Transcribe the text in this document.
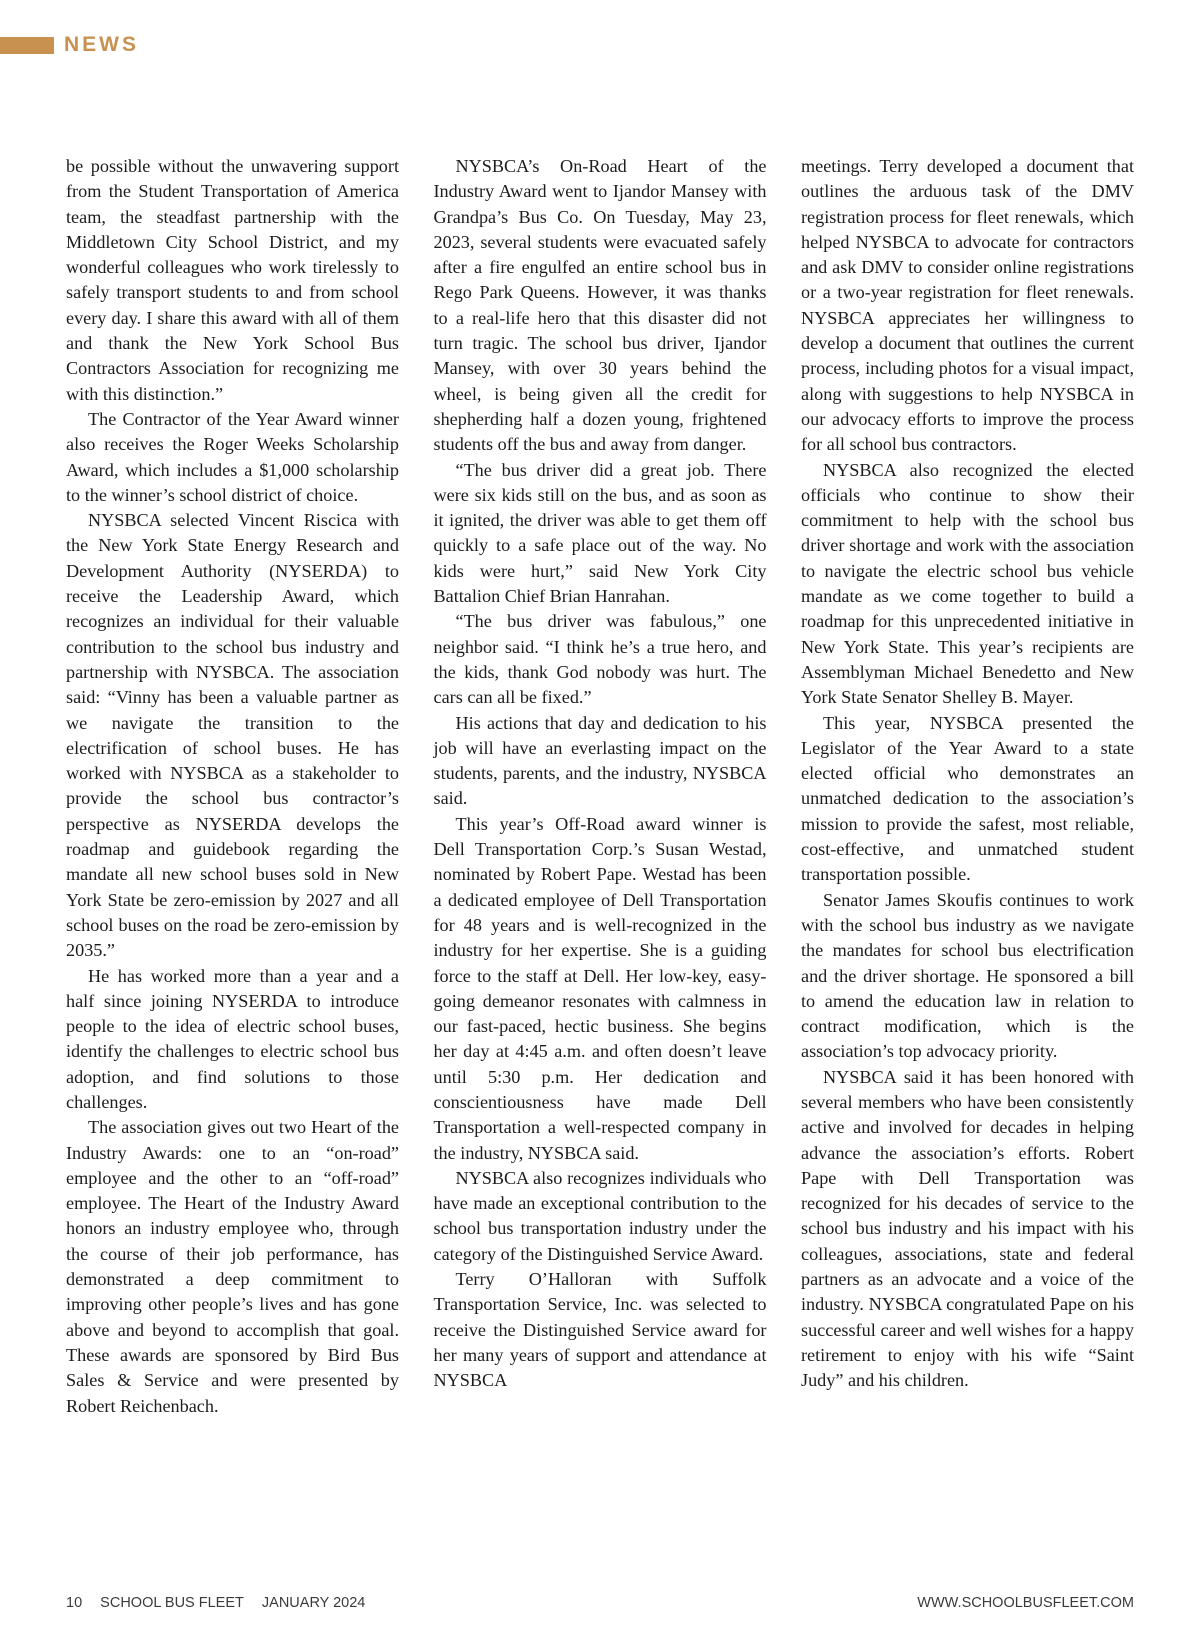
NEWS

be possible without the unwavering support from the Student Transportation of America team, the steadfast partnership with the Middletown City School District, and my wonderful colleagues who work tirelessly to safely transport students to and from school every day. I share this award with all of them and thank the New York School Bus Contractors Association for recognizing me with this distinction.”

The Contractor of the Year Award winner also receives the Roger Weeks Scholarship Award, which includes a $1,000 scholarship to the winner’s school district of choice.

NYSBCA selected Vincent Riscica with the New York State Energy Research and Development Authority (NYSERDA) to receive the Leadership Award, which recognizes an individual for their valuable contribution to the school bus industry and partnership with NYSBCA. The association said: “Vinny has been a valuable partner as we navigate the transition to the electrification of school buses. He has worked with NYSBCA as a stakeholder to provide the school bus contractor’s perspective as NYSERDA develops the roadmap and guidebook regarding the mandate all new school buses sold in New York State be zero-emission by 2027 and all school buses on the road be zero-emission by 2035.”

He has worked more than a year and a half since joining NYSERDA to introduce people to the idea of electric school buses, identify the challenges to electric school bus adoption, and find solutions to those challenges.

The association gives out two Heart of the Industry Awards: one to an “on-road” employee and the other to an “off-road” employee. The Heart of the Industry Award honors an industry employee who, through the course of their job performance, has demonstrated a deep commitment to improving other people’s lives and has gone above and beyond to accomplish that goal. These awards are sponsored by Bird Bus Sales & Service and were presented by Robert Reichenbach.

NYSBCA’s On-Road Heart of the Industry Award went to Ijandor Mansey with Grandpa’s Bus Co. On Tuesday, May 23, 2023, several students were evacuated safely after a fire engulfed an entire school bus in Rego Park Queens. However, it was thanks to a real-life hero that this disaster did not turn tragic. The school bus driver, Ijandor Mansey, with over 30 years behind the wheel, is being given all the credit for shepherding half a dozen young, frightened students off the bus and away from danger.

“The bus driver did a great job. There were six kids still on the bus, and as soon as it ignited, the driver was able to get them off quickly to a safe place out of the way. No kids were hurt,” said New York City Battalion Chief Brian Hanrahan.

“The bus driver was fabulous,” one neighbor said. “I think he’s a true hero, and the kids, thank God nobody was hurt. The cars can all be fixed.”

His actions that day and dedication to his job will have an everlasting impact on the students, parents, and the industry, NYSBCA said.

This year’s Off-Road award winner is Dell Transportation Corp.’s Susan Westad, nominated by Robert Pape. Westad has been a dedicated employee of Dell Transportation for 48 years and is well-recognized in the industry for her expertise. She is a guiding force to the staff at Dell. Her low-key, easy-going demeanor resonates with calmness in our fast-paced, hectic business. She begins her day at 4:45 a.m. and often doesn’t leave until 5:30 p.m. Her dedication and conscientiousness have made Dell Transportation a well-respected company in the industry, NYSBCA said.

NYSBCA also recognizes individuals who have made an exceptional contribution to the school bus transportation industry under the category of the Distinguished Service Award.

Terry O’Halloran with Suffolk Transportation Service, Inc. was selected to receive the Distinguished Service award for her many years of support and attendance at NYSBCA

meetings. Terry developed a document that outlines the arduous task of the DMV registration process for fleet renewals, which helped NYSBCA to advocate for contractors and ask DMV to consider online registrations or a two-year registration for fleet renewals. NYSBCA appreciates her willingness to develop a document that outlines the current process, including photos for a visual impact, along with suggestions to help NYSBCA in our advocacy efforts to improve the process for all school bus contractors.

NYSBCA also recognized the elected officials who continue to show their commitment to help with the school bus driver shortage and work with the association to navigate the electric school bus vehicle mandate as we come together to build a roadmap for this unprecedented initiative in New York State. This year’s recipients are Assemblyman Michael Benedetto and New York State Senator Shelley B. Mayer.

This year, NYSBCA presented the Legislator of the Year Award to a state elected official who demonstrates an unmatched dedication to the association’s mission to provide the safest, most reliable, cost-effective, and unmatched student transportation possible.

Senator James Skoufis continues to work with the school bus industry as we navigate the mandates for school bus electrification and the driver shortage. He sponsored a bill to amend the education law in relation to contract modification, which is the association’s top advocacy priority.

NYSBCA said it has been honored with several members who have been consistently active and involved for decades in helping advance the association’s efforts. Robert Pape with Dell Transportation was recognized for his decades of service to the school bus industry and his impact with his colleagues, associations, state and federal partners as an advocate and a voice of the industry. NYSBCA congratulated Pape on his successful career and well wishes for a happy retirement to enjoy with his wife “Saint Judy” and his children.

10 SCHOOL BUS FLEET JANUARY 2024	WWW.SCHOOLBUSFLEET.COM
